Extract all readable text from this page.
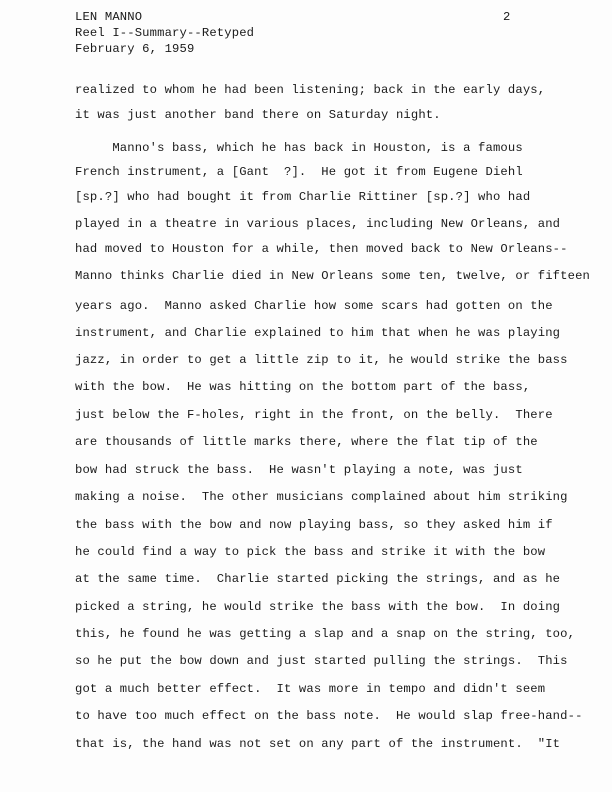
LEN MANNO
Reel I--Summary--Retyped
February 6, 1959
2
realized to whom he had been listening; back in the early days,
it was just another band there on Saturday night.
Manno's bass, which he has back in Houston, is a famous
French instrument, a [Gant  ?].  He got it from Eugene Diehl
[sp.?] who had bought it from Charlie Rittiner [sp.?] who had
played in a theatre in various places, including New Orleans, and
had moved to Houston for a while, then moved back to New Orleans--
Manno thinks Charlie died in New Orleans some ten, twelve, or fifteen
years ago.  Manno asked Charlie how some scars had gotten on the
instrument, and Charlie explained to him that when he was playing
jazz, in order to get a little zip to it, he would strike the bass
with the bow.  He was hitting on the bottom part of the bass,
just below the F-holes, right in the front, on the belly.  There
are thousands of little marks there, where the flat tip of the
bow had struck the bass.  He wasn't playing a note, was just
making a noise.  The other musicians complained about him striking
the bass with the bow and now playing bass, so they asked him if
he could find a way to pick the bass and strike it with the bow
at the same time.  Charlie started picking the strings, and as he
picked a string, he would strike the bass with the bow.  In doing
this, he found he was getting a slap and a snap on the string, too,
so he put the bow down and just started pulling the strings.  This
got a much better effect.  It was more in tempo and didn't seem
to have too much effect on the bass note.  He would slap free-hand--
that is, the hand was not set on any part of the instrument.  "It
